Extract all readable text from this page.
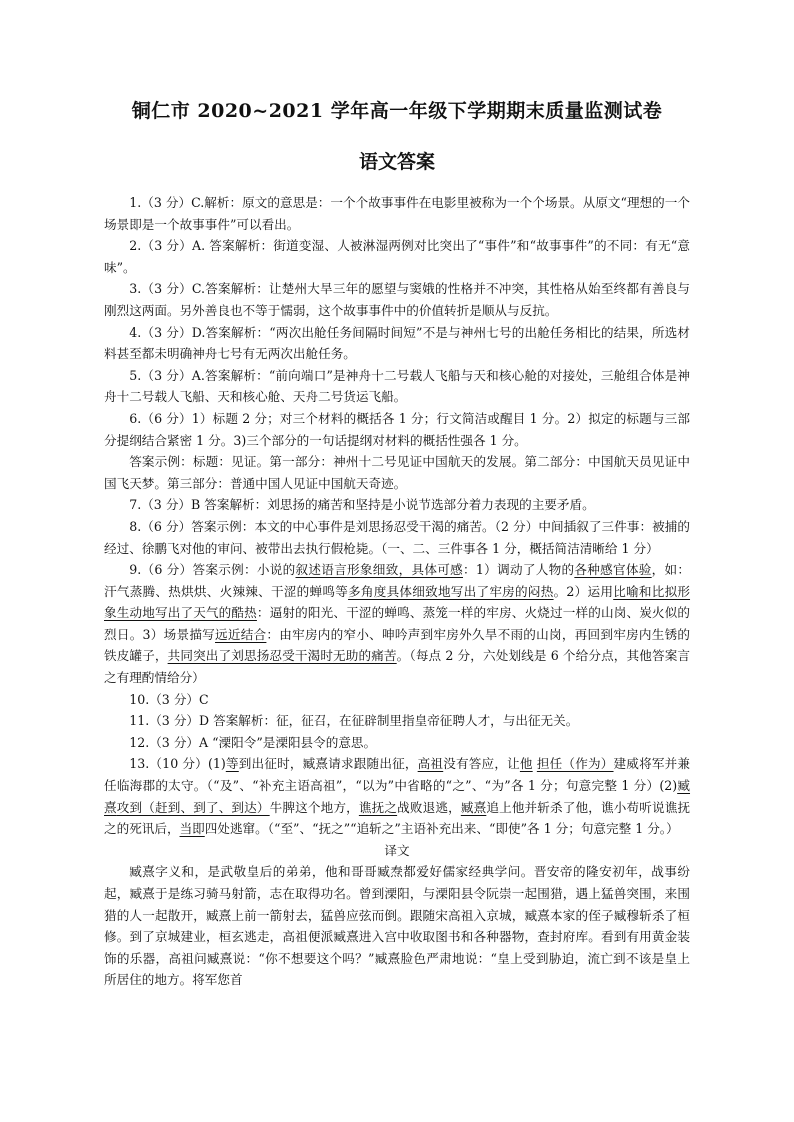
铜仁市 2020~2021 学年高一年级下学期期末质量监测试卷
语文答案

1.（3 分）C.解析：原文的意思是：一个个故事事件在电影里被称为一个个场景。从原文“理想的一个场景即是一个故事事件”可以看出。

2.（3 分）A. 答案解析：街道变湿、人被淋湿两例对比突出了“事件”和“故事事件”的不同：有无“意味”。

3.（3 分）C.答案解析：让楚州大旱三年的愿望与窦娥的性格并不冲突，其性格从始至终都有善良与刚烈这两面。另外善良也不等于懦弱，这个故事事件中的价值转折是顺从与反抗。

4.（3 分）D.答案解析：“两次出舱任务间隔时间短”不是与神州七号的出舱任务相比的结果，所选材料甚至都未明确神舟七号有无两次出舱任务。

5.（3 分）A.答案解析：“前向端口”是神舟十二号载人飞船与天和核心舱的对接处，三舱组合体是神舟十二号载人飞船、天和核心舱、天舟二号货运飞船。

6.（6 分）1）标题 2 分；对三个材料的概括各 1 分；行文简洁或醒目 1 分。2）拟定的标题与三部分提纲结合紧密 1 分。3)三个部分的一句话提纲对材料的概括性强各 1 分。

答案示例：标题：见证。第一部分：神州十二号见证中国航天的发展。第二部分：中国航天员见证中国飞天梦。第三部分：普通中国人见证中国航天奇迹。

7.（3 分）B 答案解析：刘思扬的痛苦和坚持是小说节选部分着力表现的主要矛盾。

8.（6 分）答案示例：本文的中心事件是刘思扬忍受干渴的痛苦。（2 分）中间插叙了三件事：被捕的经过、徐鹏飞对他的审问、被带出去执行假枪毙。（一、二、三件事各 1 分，概括简洁清晰给 1 分）

9.（6 分）答案示例：小说的叙述语言形象细致，具体可感：1）调动了人物的各种感官体验，如：汗气蒸腾、热烘烘、火辣辣、干涩的蝉鸣等多角度具体细致地写出了牢房的闷热。2）运用比喻和比拟形象生动地写出了天气的酷热：逼射的阳光、干涩的蝉鸣、蒸笼一样的牢房、火烧过一样的山岗、炭火似的烈日。3）场景描写远近结合：由牢房内的窄小、呻吟声到牢房外久旱不雨的山岗，再回到牢房内生锈的铁皮罐子，共同突出了刘思扬忍受干渴时无助的痛苦。（每点 2 分，六处划线是 6 个给分点，其他答案言之有理酌情给分）

10.（3 分）C

11.（3 分）D 答案解析：征，征召，在征辟制里指皇帝征聘人才，与出征无关。

12.（3 分）A “溧阳令”是溧阳县令的意思。

13.（10 分）(1)等到出征时，臧熹请求跟随出征，高祖没有答应，让他 担任（作为）建威将军并兼任临海郡的太守。（“及”、“补充主语高祖”，“以为”中省略的“之”、“为”各 1 分；句意完整 1 分）(2)臧熹攻到（赶到、到了、到达）牛脾这个地方，谯抚之战败退逃，臧熹追上他并斩杀了他，谯小苟听说谯抚之的死讯后，当即四处逃窜。（“至”、“抚之”“追斩之”主语补充出来、“即使”各 1 分；句意完整 1 分。）

译文

臧熹字义和，是武敬皇后的弟弟，他和哥哥臧焘都爱好儒家经典学问。晋安帝的隆安初年，战事纷起，臧熹于是练习骑马射箭，志在取得功名。曾到溧阳，与溧阳县令阮崇一起围猎，遇上猛兽突围，来围猎的人一起散开，臧熹上前一箭射去，猛兽应弦而倒。跟随宋高祖入京城，臧熹本家的侄子臧穆斩杀了桓修。到了京城建业，桓玄逃走，高祖便派臧熹进入宫中收取图书和各种器物，查封府库。看到有用黄金装饰的乐器，高祖问臧熹说：“你不想要这个吗？”臧熹脸色严肃地说：“皇上受到胁迫，流亡到不该是皇上所居住的地方。将军您首
